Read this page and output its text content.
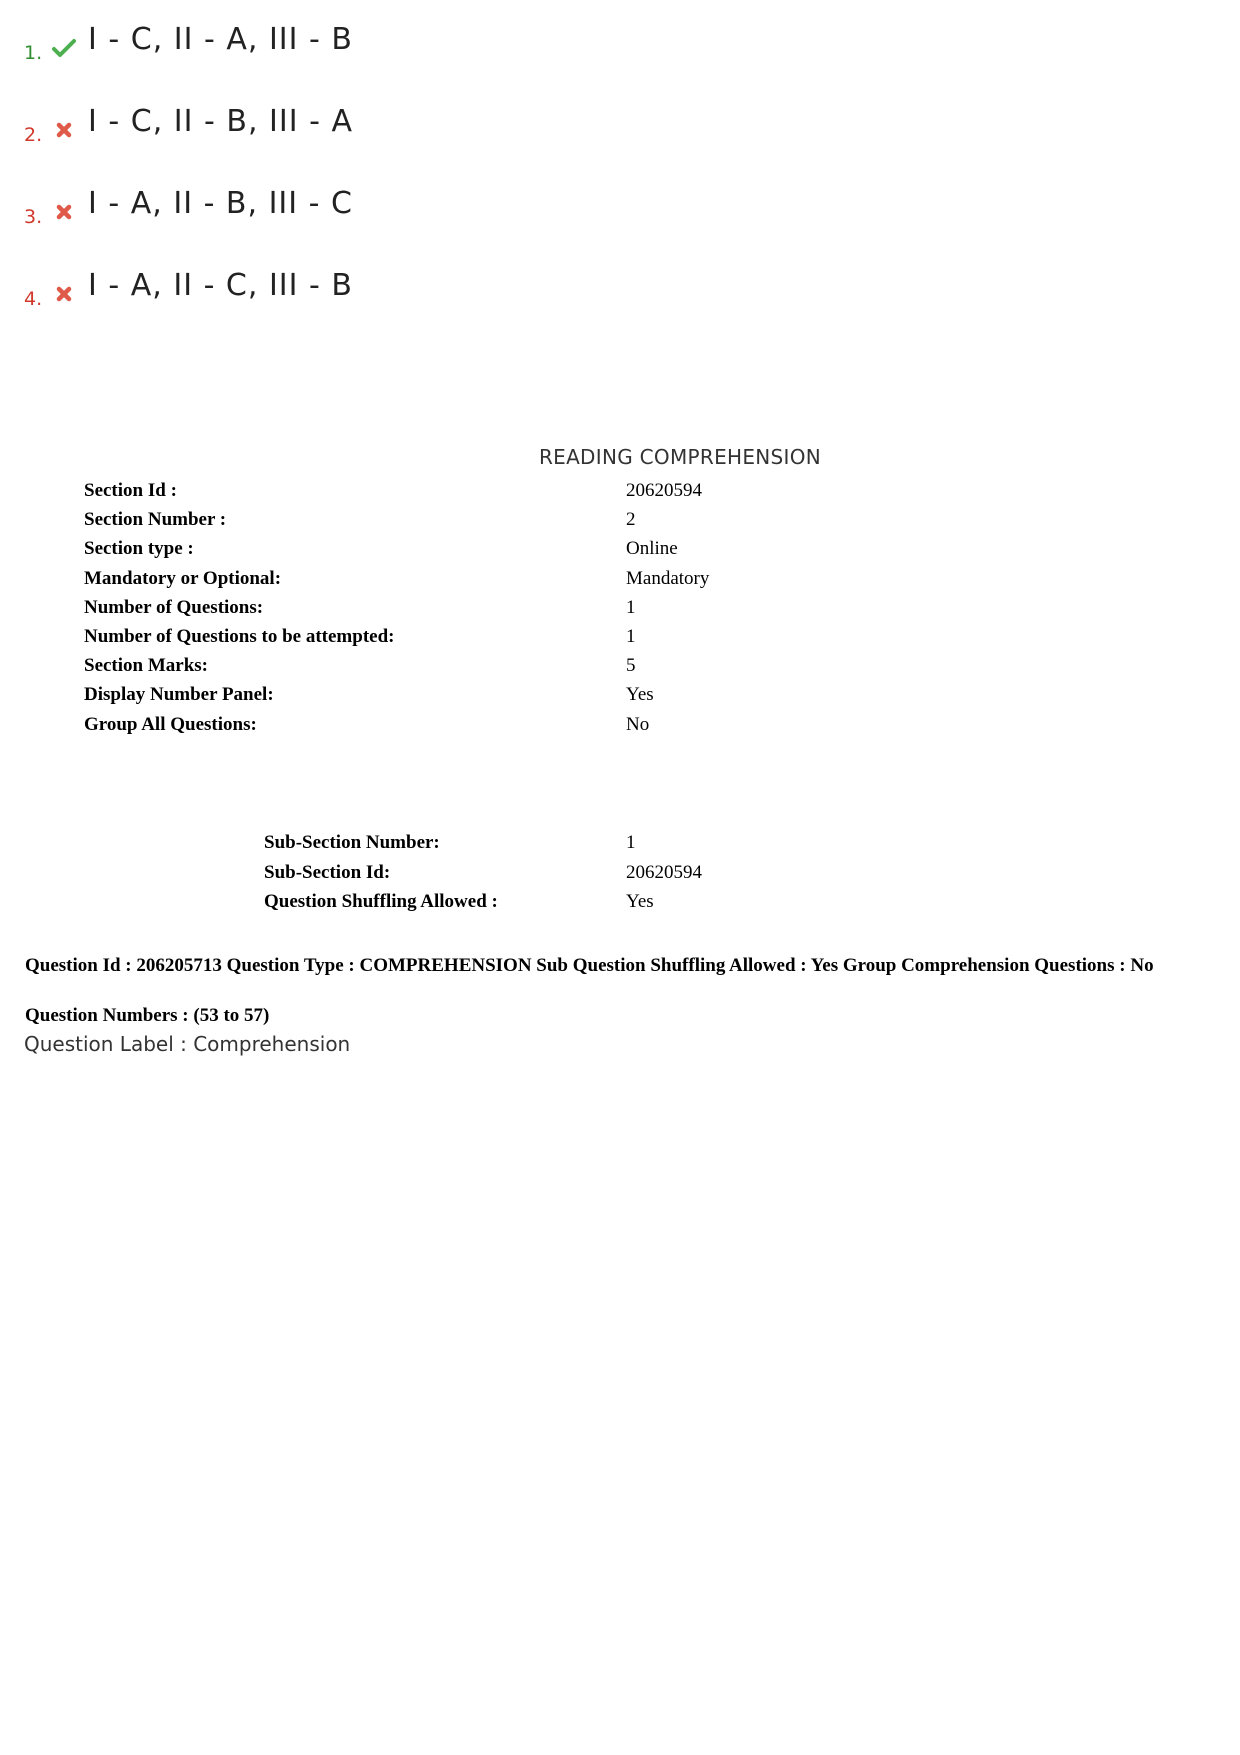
1. I - C, II - A, III - B
2. I - C, II - B, III - A
3. I - A, II - B, III - C
4. I - A, II - C, III - B
READING COMPREHENSION
Section Id :	20620594
Section Number :	2
Section type :	Online
Mandatory or Optional:	Mandatory
Number of Questions:	1
Number of Questions to be attempted:	1
Section Marks:	5
Display Number Panel:	Yes
Group All Questions:	No
Sub-Section Number:	1
Sub-Section Id:	20620594
Question Shuffling Allowed :	Yes
Question Id : 206205713 Question Type : COMPREHENSION Sub Question Shuffling Allowed : Yes Group Comprehension Questions : No
Question Numbers : (53 to 57)
Question Label : Comprehension
